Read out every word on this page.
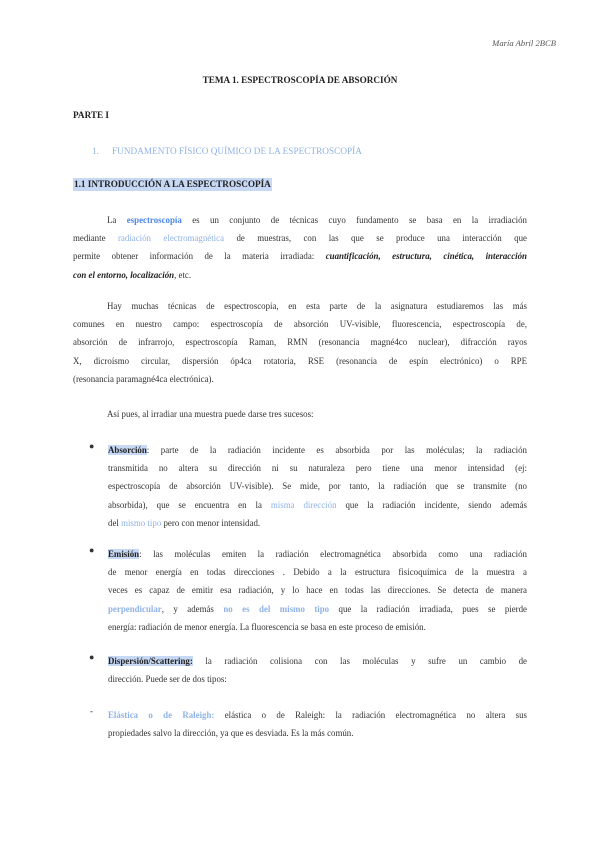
María Abril 2BCB
TEMA 1. ESPECTROSCOPÍA DE ABSORCIÓN
PARTE I
1. FUNDAMENTO FÍSICO QUÍMICO DE LA ESPECTROSCOPÍA
1.1 INTRODUCCIÓN A LA ESPECTROSCOPÍA
La espectroscopía es un conjunto de técnicas cuyo fundamento se basa en la irradiación
mediante radiación electromagnética de muestras, con las que se produce una interacción que
permite obtener información de la materia irradiada: cuantificación, estructura, cinética, interacción
con el entorno, localización, etc.
Hay muchas técnicas de espectroscopía, en esta parte de la asignatura estudiaremos las más
comunes en nuestro campo: espectroscopía de absorción UV-visible, fluorescencia, espectroscopía de,
absorción de infrarrojo, espectroscopía Raman, RMN (resonancia magné4co nuclear), difracción rayos
X, dicroísmo circular, dispersión óp4ca rotatoria, RSE (resonancia de espín electrónico) o RPE
(resonancia paramagné4ca electrónica).
Así pues, al irradiar una muestra puede darse tres sucesos:
● Absorción: parte de la radiación incidente es absorbida por las moléculas; la radiación
transmitida no altera su dirección ni su naturaleza pero tiene una menor intensidad (ej:
espectroscopía de absorción UV-visible). Se mide, por tanto, la radiación que se transmite (no
absorbida), que se encuentra en la misma dirección que la radiación incidente, siendo además
del mismo tipo pero con menor intensidad.
● Emisión: las moléculas emiten la radiación electromagnética absorbida como una radiación
de menor energía en todas direcciones . Debido a la estructura fisicoquímica de la muestra a
veces es capaz de emitir esa radiación, y lo hace en todas las direcciones. Se detecta de manera
perpendicular, y además no es del mismo tipo que la radiación irradiada, pues se pierde
energía: radiación de menor energía. La fluorescencia se basa en este proceso de emisión.
● Dispersión/Scattering: la radiación colisiona con las moléculas y sufre un cambio de
dirección. Puede ser de dos tipos:
- Elástica o de Raleigh: elástica o de Raleigh: la radiación electromagnética no altera sus
propiedades salvo la dirección, ya que es desviada. Es la más común.
